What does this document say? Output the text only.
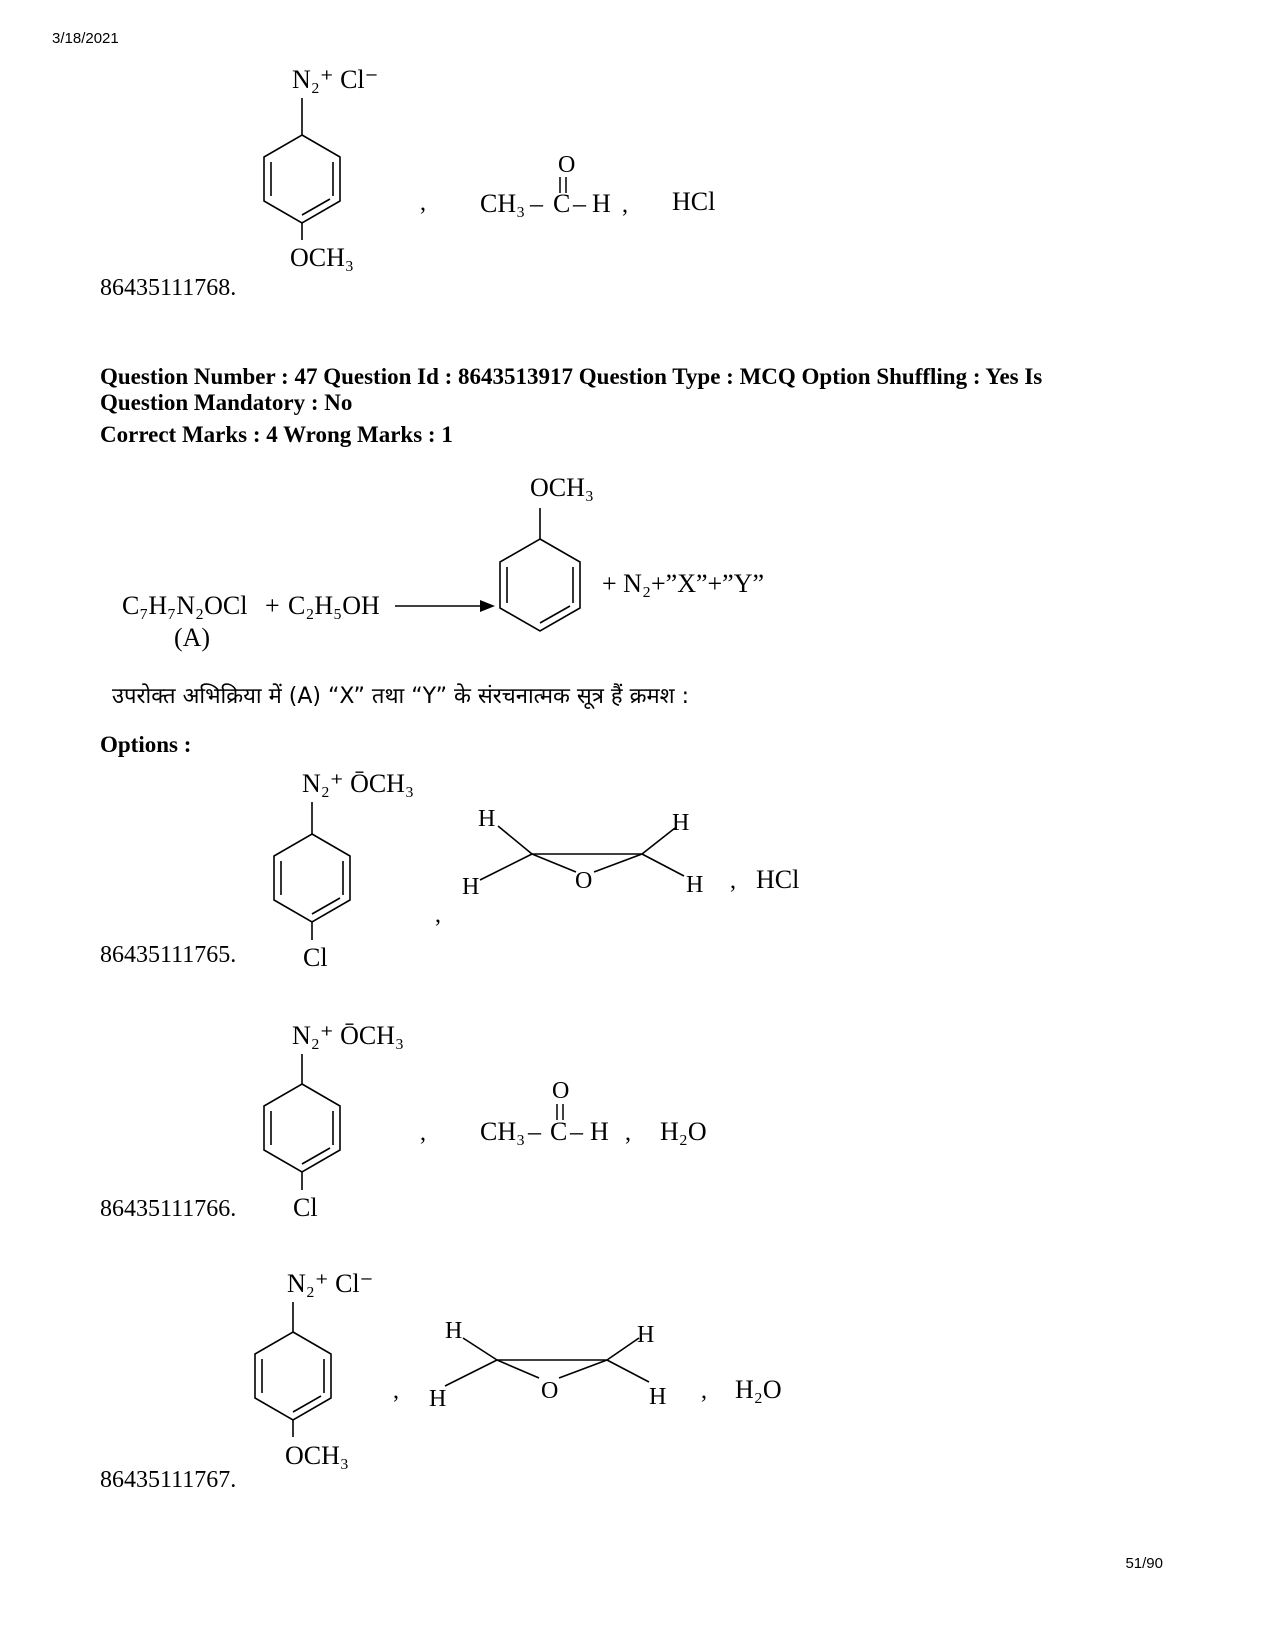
3/18/2021
51/90
86435111768.
N₂⁺ Cl⁻
OCH₃
,
O
CH₃ – C – H , HCl
Question Number : 47 Question Id : 8643513917 Question Type : MCQ Option Shuffling : Yes Is
Question Mandatory : No
Correct Marks : 4 Wrong Marks : 1
C₇H₇N₂OCl + C₂H₅OH
(A)
OCH₃
+ N₂+”X”+”Y”
उपरोक्त अभिक्रिया में (A) “X” तथा “Y” के संरचनात्मक सूत्र हैं क्रमश :
Options :
86435111765.
N₂⁺ ŌCH₃
Cl
,
H
H	O
H
H , HCl
86435111766.
N₂⁺ ŌCH₃
Cl
,
O
CH₃ – C – H , H₂O
86435111767.
N₂⁺ Cl⁻
OCH₃
,
H
H	O
H
H , H₂O
